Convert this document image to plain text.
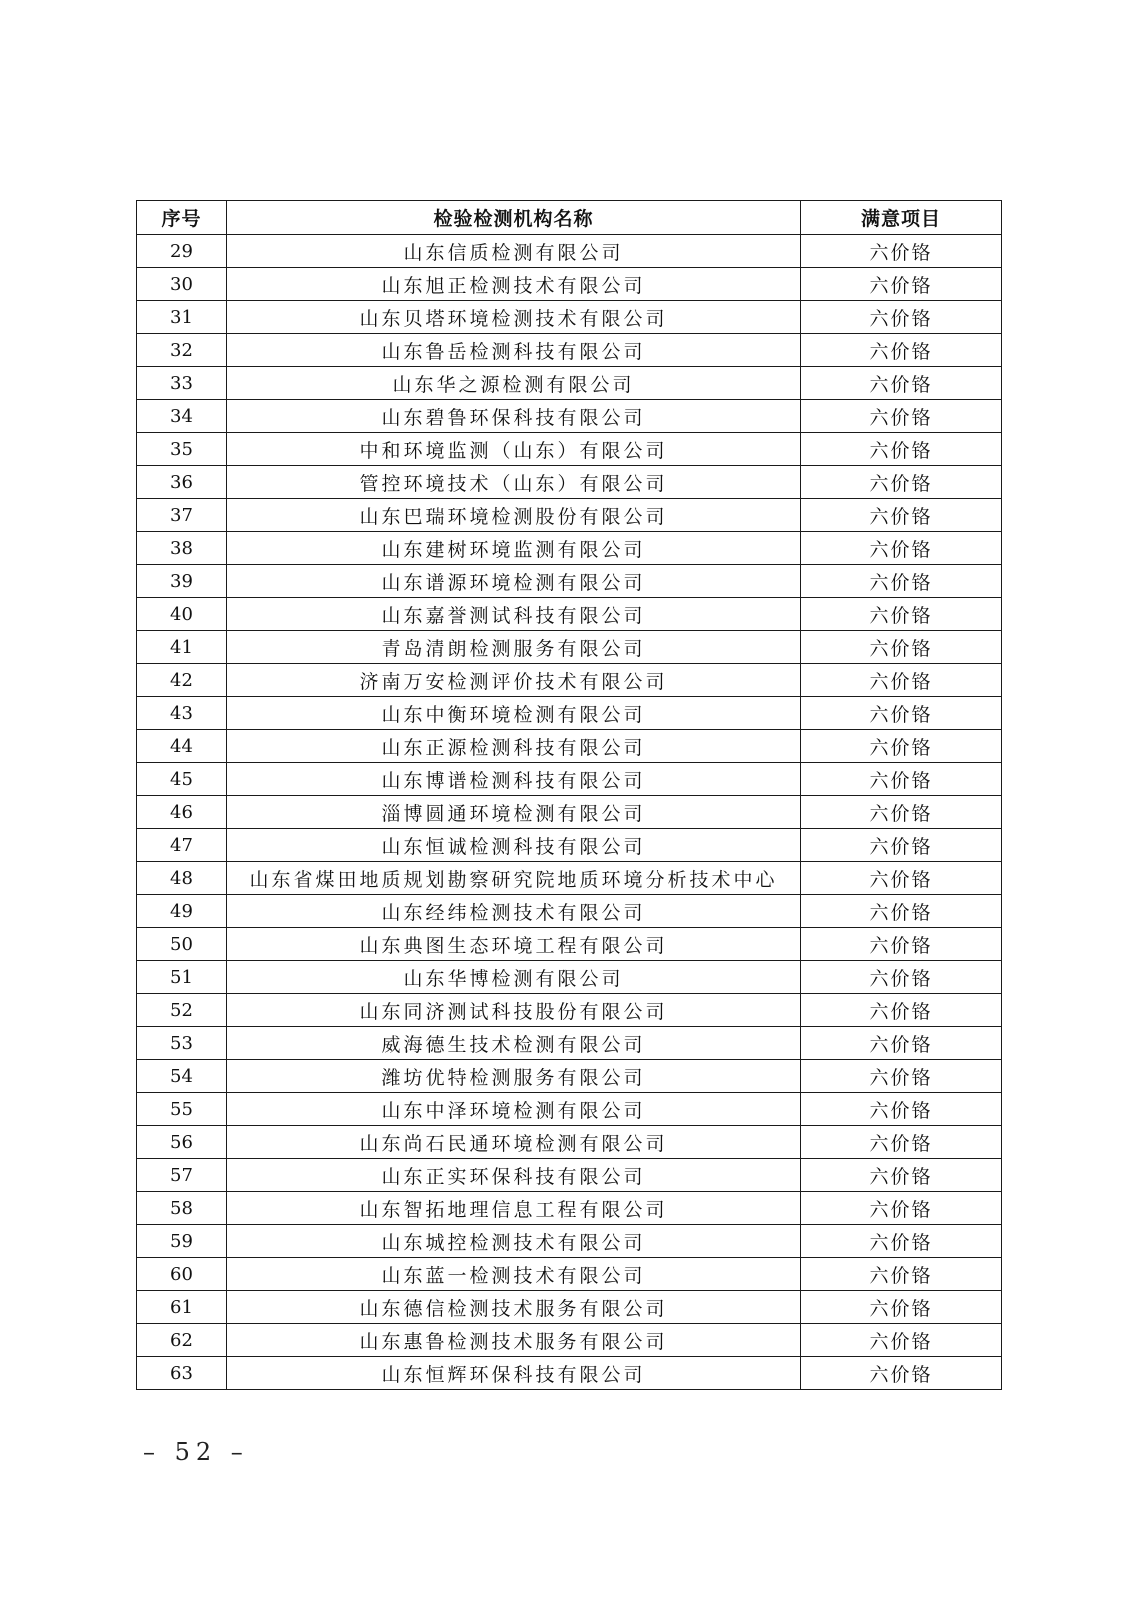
序号	检验检测机构名称	满意项目
29	山东信质检测有限公司	六价铬
30	山东旭正检测技术有限公司	六价铬
31	山东贝塔环境检测技术有限公司	六价铬
32	山东鲁岳检测科技有限公司	六价铬
33	山东华之源检测有限公司	六价铬
34	山东碧鲁环保科技有限公司	六价铬
35	中和环境监测（山东）有限公司	六价铬
36	管控环境技术（山东）有限公司	六价铬
37	山东巴瑞环境检测股份有限公司	六价铬
38	山东建树环境监测有限公司	六价铬
39	山东谱源环境检测有限公司	六价铬
40	山东嘉誉测试科技有限公司	六价铬
41	青岛清朗检测服务有限公司	六价铬
42	济南万安检测评价技术有限公司	六价铬
43	山东中衡环境检测有限公司	六价铬
44	山东正源检测科技有限公司	六价铬
45	山东博谱检测科技有限公司	六价铬
46	淄博圆通环境检测有限公司	六价铬
47	山东恒诚检测科技有限公司	六价铬
48	山东省煤田地质规划勘察研究院地质环境分析技术中心	六价铬
49	山东经纬检测技术有限公司	六价铬
50	山东典图生态环境工程有限公司	六价铬
51	山东华博检测有限公司	六价铬
52	山东同济测试科技股份有限公司	六价铬
53	威海德生技术检测有限公司	六价铬
54	潍坊优特检测服务有限公司	六价铬
55	山东中泽环境检测有限公司	六价铬
56	山东尚石民通环境检测有限公司	六价铬
57	山东正实环保科技有限公司	六价铬
58	山东智拓地理信息工程有限公司	六价铬
59	山东城控检测技术有限公司	六价铬
60	山东蓝一检测技术有限公司	六价铬
61	山东德信检测技术服务有限公司	六价铬
62	山东惠鲁检测技术服务有限公司	六价铬
63	山东恒辉环保科技有限公司	六价铬
– 52 –
